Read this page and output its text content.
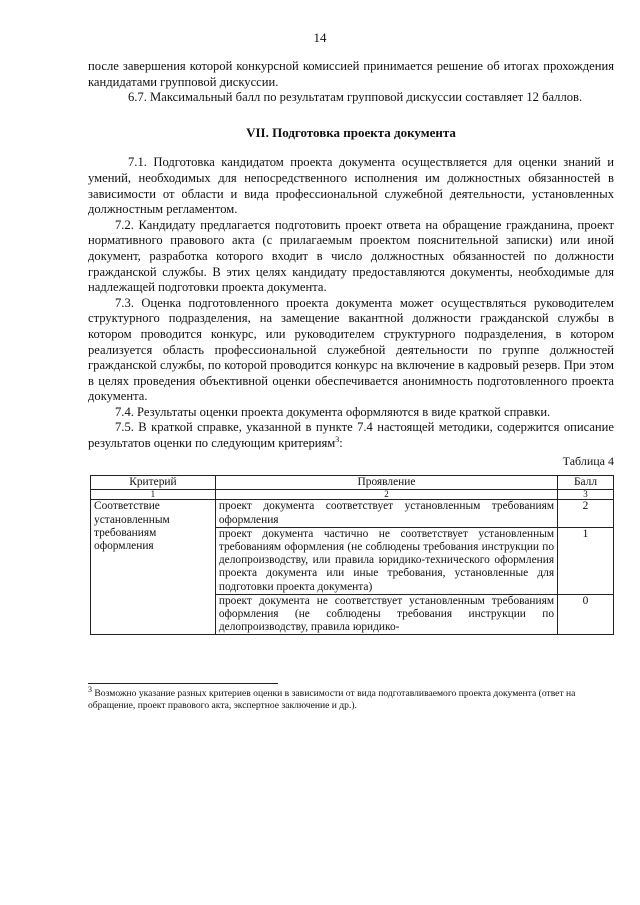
14

после завершения которой конкурсной комиссией принимается решение об итогах прохождения кандидатами групповой дискуссии.

6.7. Максимальный балл по результатам групповой дискуссии составляет 12 баллов.

VII. Подготовка проекта документа

7.1. Подготовка кандидатом проекта документа осуществляется для оценки знаний и умений, необходимых для непосредственного исполнения им должностных обязанностей в зависимости от области и вида профессиональной служебной деятельности, установленных должностным регламентом.

7.2. Кандидату предлагается подготовить проект ответа на обращение гражданина, проект нормативного правового акта (с прилагаемым проектом пояснительной записки) или иной документ, разработка которого входит в число должностных обязанностей по должности гражданской службы. В этих целях кандидату предоставляются документы, необходимые для надлежащей подготовки проекта документа.

7.3. Оценка подготовленного проекта документа может осуществляться руководителем структурного подразделения, на замещение вакантной должности гражданской службы в котором проводится конкурс, или руководителем структурного подразделения, в котором реализуется область профессиональной служебной деятельности по группе должностей гражданской службы, по которой проводится конкурс на включение в кадровый резерв. При этом в целях проведения объективной оценки обеспечивается анонимность подготовленного проекта документа.

7.4. Результаты оценки проекта документа оформляются в виде краткой справки.

7.5. В краткой справке, указанной в пункте 7.4 настоящей методики, содержится описание результатов оценки по следующим критериям$^3$:

Таблица 4
Критерий	Проявление	Балл
1	2	3
Соответствие установленным требованиям оформления	проект документа соответствует установленным требованиям оформления	2
	проект документа частично не соответствует установленным требованиям оформления (не соблюдены требования инструкции по делопроизводству, или правила юридико-технического оформления проекта документа или иные требования, установленные для подготовки проекта документа)	1
	проект документа не соответствует установленным требованиям оформления (не соблюдены требования инструкции по делопроизводству, правила юридико-	0
$^3$ Возможно указание разных критериев оценки в зависимости от вида подготавливаемого проекта документа (ответ на обращение, проект правового акта, экспертное заключение и др.).
